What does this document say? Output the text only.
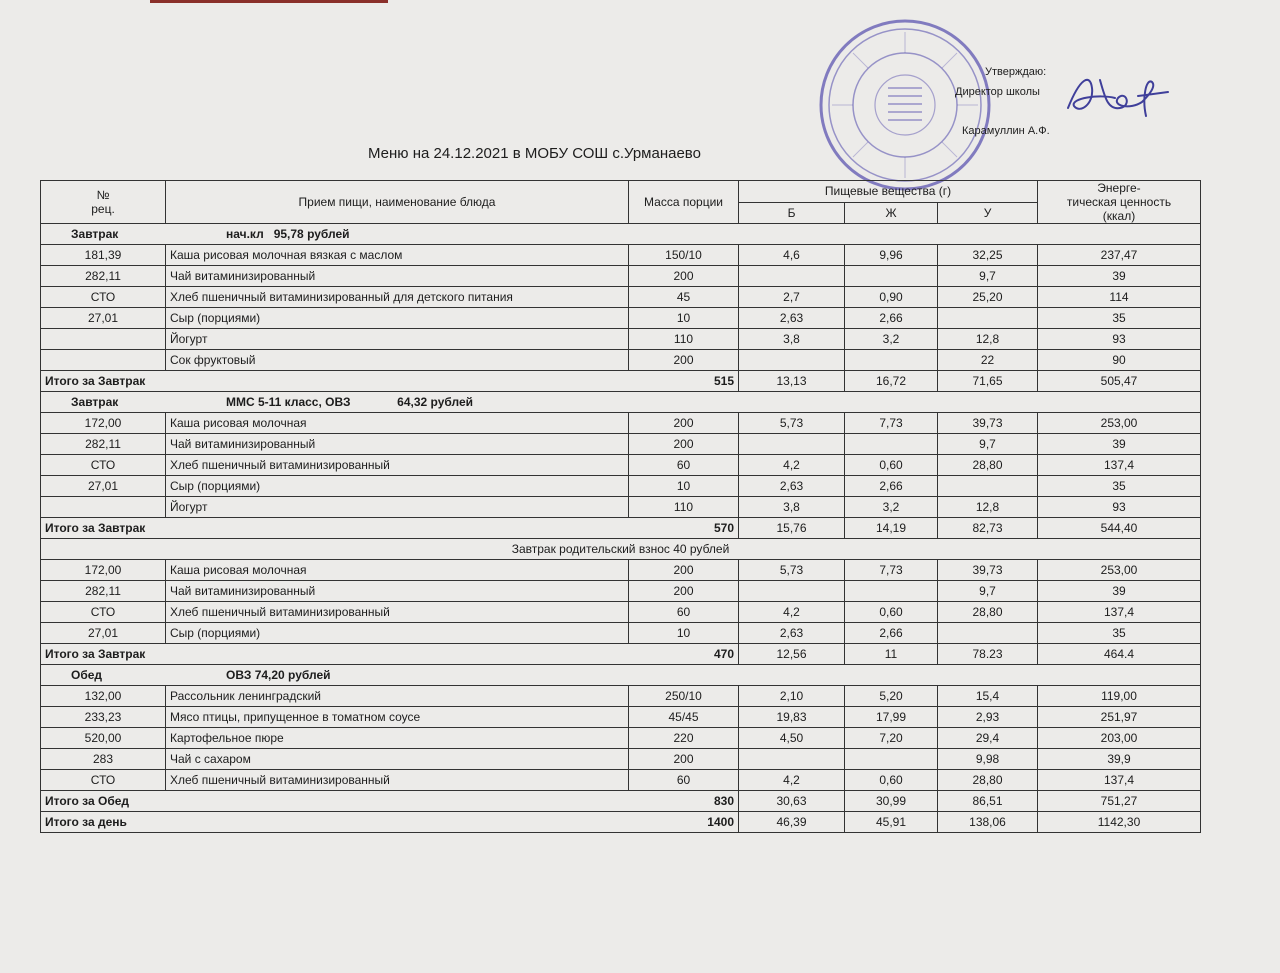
Утверждаю:
Директор школы
Карамуллин А.Ф.
Меню на 24.12.2021 в МОБУ СОШ с.Урманаево
№
рец.	Прием пищи, наименование блюда	Масса порции	Пищевые вещества (г)			Энерге-
тическая ценность
(ккал)
			Б	Ж	У	
Завтрак нач.кл   95,78 рублей						
181,39	Каша рисовая молочная вязкая с маслом	150/10	4,6	9,96	32,25	237,47
282,11	Чай витаминизированный	200			9,7	39
СТО	Хлеб пшеничный витаминизированный для детского питания	45	2,7	0,90	25,20	114
27,01	Сыр (порциями)	10	2,63	2,66		35
	Йогурт	110	3,8	3,2	12,8	93
	Сок фруктовый	200			22	90

Итого за Завтрак 515			13,13	16,72	71,65	505,47
Завтрак ММС 5-11 класс, ОВЗ              64,32 рублей						
172,00	Каша рисовая молочная	200	5,73	7,73	39,73	253,00
282,11	Чай витаминизированный	200			9,7	39
СТО	Хлеб пшеничный витаминизированный	60	4,2	0,60	28,80	137,4
27,01	Сыр (порциями)	10	2,63	2,66		35
	Йогурт	110	3,8	3,2	12,8	93

Итого за Завтрак 570			15,76	14,19	82,73	544,40
Завтрак родительский взнос 40 рублей						
172,00	Каша рисовая молочная	200	5,73	7,73	39,73	253,00
282,11	Чай витаминизированный	200			9,7	39
СТО	Хлеб пшеничный витаминизированный	60	4,2	0,60	28,80	137,4
27,01	Сыр (порциями)	10	2,63	2,66		35

Итого за Завтрак 470			12,56	11	78.23	464.4
Обед ОВЗ 74,20 рублей						
132,00	Рассольник ленинградский	250/10	2,10	5,20	15,4	119,00
233,23	Мясо птицы, припущенное в томатном соусе	45/45	19,83	17,99	2,93	251,97
520,00	Картофельное пюре	220	4,50	7,20	29,4	203,00
283	Чай с сахаром	200			9,98	39,9
СТО	Хлеб пшеничный витаминизированный	60	4,2	0,60	28,80	137,4

Итого за Обед 830			30,63	30,99	86,51	751,27

Итого за день 1400			46,39	45,91	138,06	1142,30
